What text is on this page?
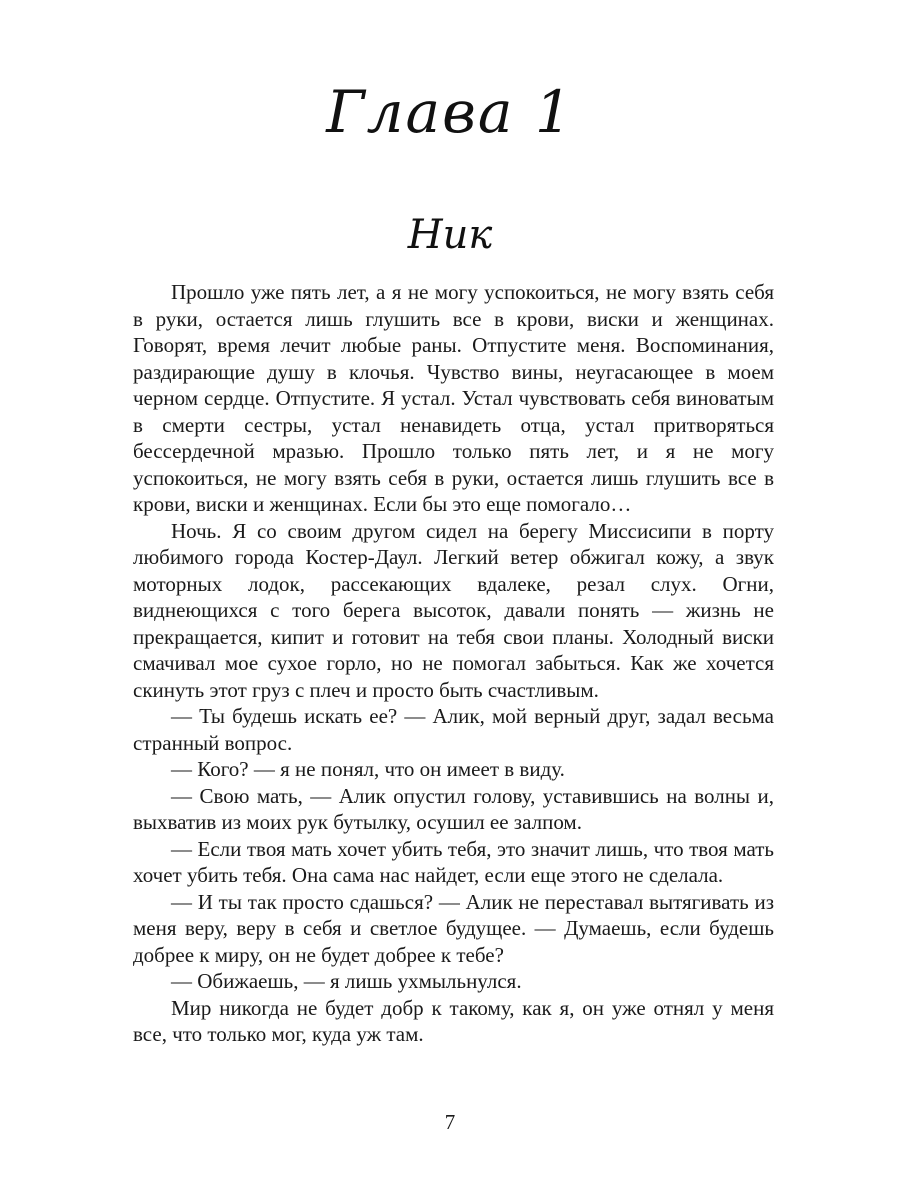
Глава 1
Ник

Прошло уже пять лет, а я не могу успокоиться, не могу взять себя в руки, остается лишь глушить все в крови, виски и женщинах. Говорят, время лечит любые раны. Отпустите меня. Воспоминания, раздирающие душу в клочья. Чувство вины, неугасающее в моем черном сердце. Отпустите. Я устал. Устал чувствовать себя виноватым в смерти сестры, устал ненавидеть отца, устал притворяться бессердечной мразью. Прошло только пять лет, и я не могу успокоиться, не могу взять себя в руки, остается лишь глушить все в крови, виски и женщинах. Если бы это еще помогало…

Ночь. Я со своим другом сидел на берегу Миссисипи в порту любимого города Костер-Даул. Легкий ветер обжигал кожу, а звук моторных лодок, рассекающих вдалеке, резал слух. Огни, виднеющихся с того берега высоток, давали понять — жизнь не прекращается, кипит и готовит на тебя свои планы. Холодный виски смачивал мое сухое горло, но не помогал забыться. Как же хочется скинуть этот груз с плеч и просто быть счастливым.

— Ты будешь искать ее? — Алик, мой верный друг, задал весьма странный вопрос.

— Кого? — я не понял, что он имеет в виду.

— Свою мать, — Алик опустил голову, уставившись на волны и, выхватив из моих рук бутылку, осушил ее залпом.

— Если твоя мать хочет убить тебя, это значит лишь, что твоя мать хочет убить тебя. Она сама нас найдет, если еще этого не сделала.

— И ты так просто сдашься? — Алик не переставал вытягивать из меня веру, веру в себя и светлое будущее. — Думаешь, если будешь добрее к миру, он не будет добрее к тебе?

— Обижаешь, — я лишь ухмыльнулся.

Мир никогда не будет добр к такому, как я, он уже отнял у меня все, что только мог, куда уж там.

7
